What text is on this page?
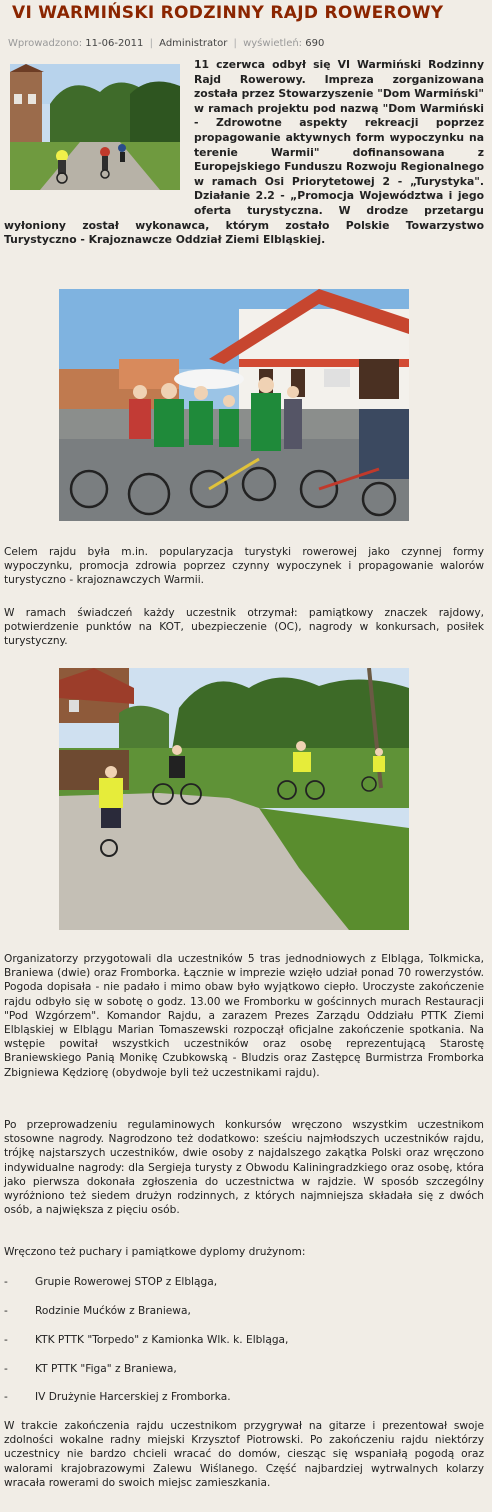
VI WARMIŃSKI RODZINNY RAJD ROWEROWY
Wprowadzono: 11-06-2011 | Administrator | wyświetleń: 690
11 czerwca odbył się VI Warmiński Rodzinny Rajd Rowerowy. Impreza zorganizowana została przez Stowarzyszenie "Dom Warmiński" w ramach projektu pod nazwą "Dom Warmiński - Zdrowotne aspekty rekreacji poprzez propagowanie aktywnych form wypoczynku na terenie Warmii" dofinansowana z Europejskiego Funduszu Rozwoju Regionalnego w ramach Osi Priorytetowej 2 - „Turystyka". Działanie 2.2 - „Promocja Województwa i jego oferta turystyczna. W drodze przetargu wyłoniony został wykonawca, którym zostało Polskie Towarzystwo Turystyczno - Krajoznawcze Oddział Ziemi Elbląskiej.
Celem rajdu była m.in. popularyzacja turystyki rowerowej jako czynnej formy wypoczynku, promocja zdrowia poprzez czynny wypoczynek i propagowanie walorów turystyczno - krajoznawczych Warmii.
W ramach świadczeń każdy uczestnik otrzymał: pamiątkowy znaczek rajdowy, potwierdzenie punktów na KOT, ubezpieczenie (OC), nagrody w konkursach, posiłek turystyczny.
Organizatorzy przygotowali dla uczestników 5 tras jednodniowych z Elbląga, Tolkmicka, Braniewa (dwie) oraz Fromborka. Łącznie w imprezie wzięło udział ponad 70 rowerzystów. Pogoda dopisała - nie padało i mimo obaw było wyjątkowo ciepło. Uroczyste zakończenie rajdu odbyło się w sobotę o godz. 13.00 we Fromborku w gościnnych murach Restauracji "Pod Wzgórzem". Komandor Rajdu, a zarazem Prezes Zarządu Oddziału PTTK Ziemi Elbląskiej w Elblągu Marian Tomaszewski rozpoczął oficjalne zakończenie spotkania. Na wstępie powitał wszystkich uczestników oraz osobę reprezentującą Starostę Braniewskiego Panią Monikę Czubkowską - Bludzis oraz Zastępcę Burmistrza Fromborka Zbigniewa Kędziorę (obydwoje byli też uczestnikami rajdu).
Po przeprowadzeniu regulaminowych konkursów wręczono wszystkim uczestnikom stosowne nagrody. Nagrodzono też dodatkowo: sześciu najmłodszych uczestników rajdu, trójkę najstarszych uczestników, dwie osoby z najdalszego zakątka Polski oraz wręczono indywidualne nagrody: dla Sergieja turysty z Obwodu Kaliningradzkiego oraz osobę, która jako pierwsza dokonała zgłoszenia do uczestnictwa w rajdzie. W sposób szczególny wyróżniono też siedem drużyn rodzinnych, z których najmniejsza składała się z dwóch osób, a największa z pięciu osób.
Wręczono też puchary i pamiątkowe dyplomy drużynom:
-	Grupie Rowerowej STOP z Elbląga,
-	Rodzinie Mućków z Braniewa,
-	KTK PTTK "Torpedo" z Kamionka Wlk. k. Elbląga,
-	KT PTTK "Figa" z Braniewa,
-	IV Drużynie Harcerskiej z Fromborka.
W trakcie zakończenia rajdu uczestnikom przygrywał na gitarze i prezentował swoje zdolności wokalne radny miejski Krzysztof Piotrowski. Po zakończeniu rajdu niektórzy uczestnicy nie bardzo chcieli wracać do domów, ciesząc się wspaniałą pogodą oraz walorami krajobrazowymi Zalewu Wiślanego. Część najbardziej wytrwalnych kolarzy wracała rowerami do swoich miejsc zamieszkania.
